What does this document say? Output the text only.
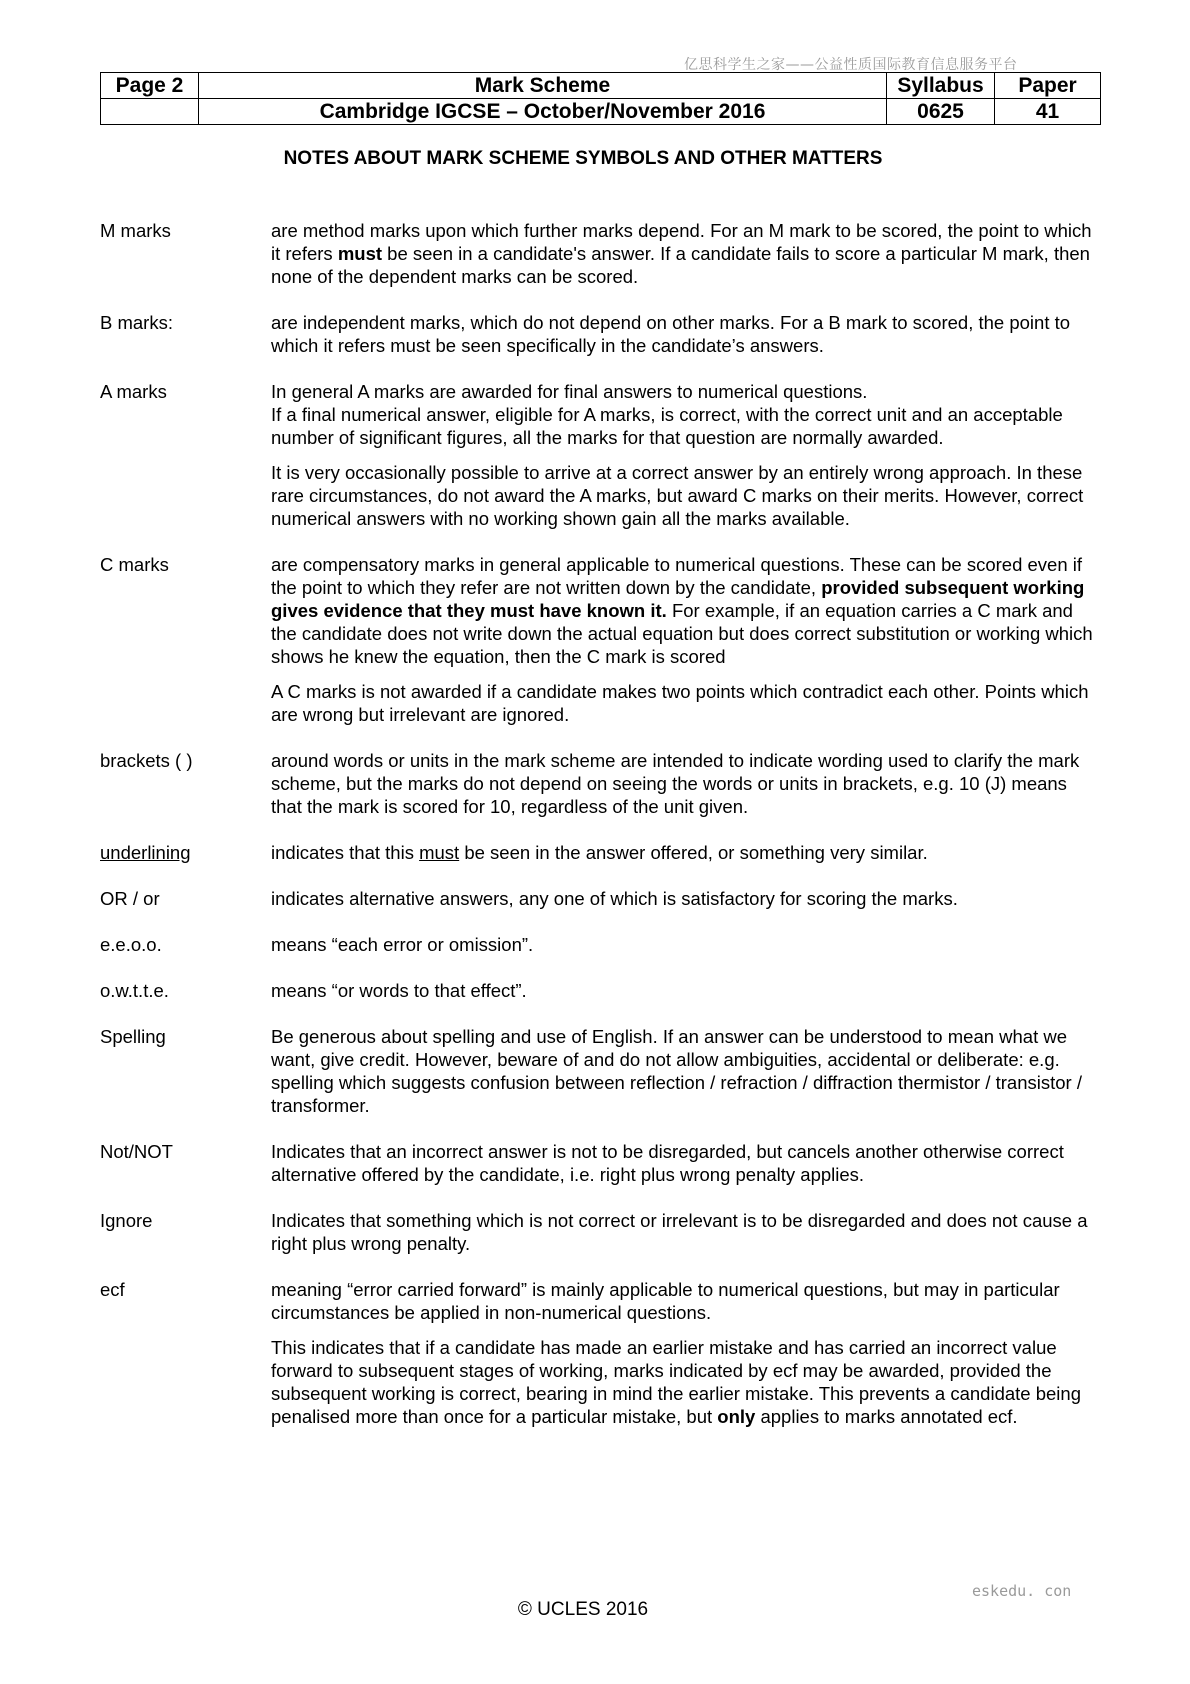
亿思科学生之家——公益性质国际教育信息服务平台
Page 2	Mark Scheme	Syllabus	Paper
	Cambridge IGCSE – October/November 2016	0625	41
NOTES ABOUT MARK SCHEME SYMBOLS AND OTHER MATTERS
M marks	are method marks upon which further marks depend. For an M mark to be scored, the point to which it refers must be seen in a candidate's answer. If a candidate fails to score a particular M mark, then none of the dependent marks can be scored.

B marks:	are independent marks, which do not depend on other marks. For a B mark to scored, the point to which it refers must be seen specifically in the candidate’s answers.

A marks	In general A marks are awarded for final answers to numerical questions.

If a final numerical answer, eligible for A marks, is correct, with the correct unit and an acceptable number of significant figures, all the marks for that question are normally awarded.

It is very occasionally possible to arrive at a correct answer by an entirely wrong approach. In these rare circumstances, do not award the A marks, but award C marks on their merits. However, correct numerical answers with no working shown gain all the marks available.

C marks	are compensatory marks in general applicable to numerical questions. These can be scored even if the point to which they refer are not written down by the candidate, provided subsequent working gives evidence that they must have known it. For example, if an equation carries a C mark and the candidate does not write down the actual equation but does correct substitution or working which shows he knew the equation, then the C mark is scored

A C marks is not awarded if a candidate makes two points which contradict each other. Points which are wrong but irrelevant are ignored.

brackets ( )	around words or units in the mark scheme are intended to indicate wording used to clarify the mark scheme, but the marks do not depend on seeing the words or units in brackets, e.g. 10 (J) means that the mark is scored for 10, regardless of the unit given.

underlining	indicates that this must be seen in the answer offered, or something very similar.

OR / or	indicates alternative answers, any one of which is satisfactory for scoring the marks.

e.e.o.o.	means “each error or omission”.

o.w.t.t.e.	means “or words to that effect”.

Spelling	Be generous about spelling and use of English. If an answer can be understood to mean what we want, give credit. However, beware of and do not allow ambiguities, accidental or deliberate: e.g. spelling which suggests confusion between reflection / refraction / diffraction thermistor / transistor / transformer.

Not/NOT	Indicates that an incorrect answer is not to be disregarded, but cancels another otherwise correct alternative offered by the candidate, i.e. right plus wrong penalty applies.

Ignore	Indicates that something which is not correct or irrelevant is to be disregarded and does not cause a right plus wrong penalty.

ecf	meaning “error carried forward” is mainly applicable to numerical questions, but may in particular circumstances be applied in non-numerical questions.

This indicates that if a candidate has made an earlier mistake and has carried an incorrect value forward to subsequent stages of working, marks indicated by ecf may be awarded, provided the subsequent working is correct, bearing in mind the earlier mistake. This prevents a candidate being penalised more than once for a particular mistake, but only applies to marks annotated ecf.

eskedu. con
© UCLES 2016
